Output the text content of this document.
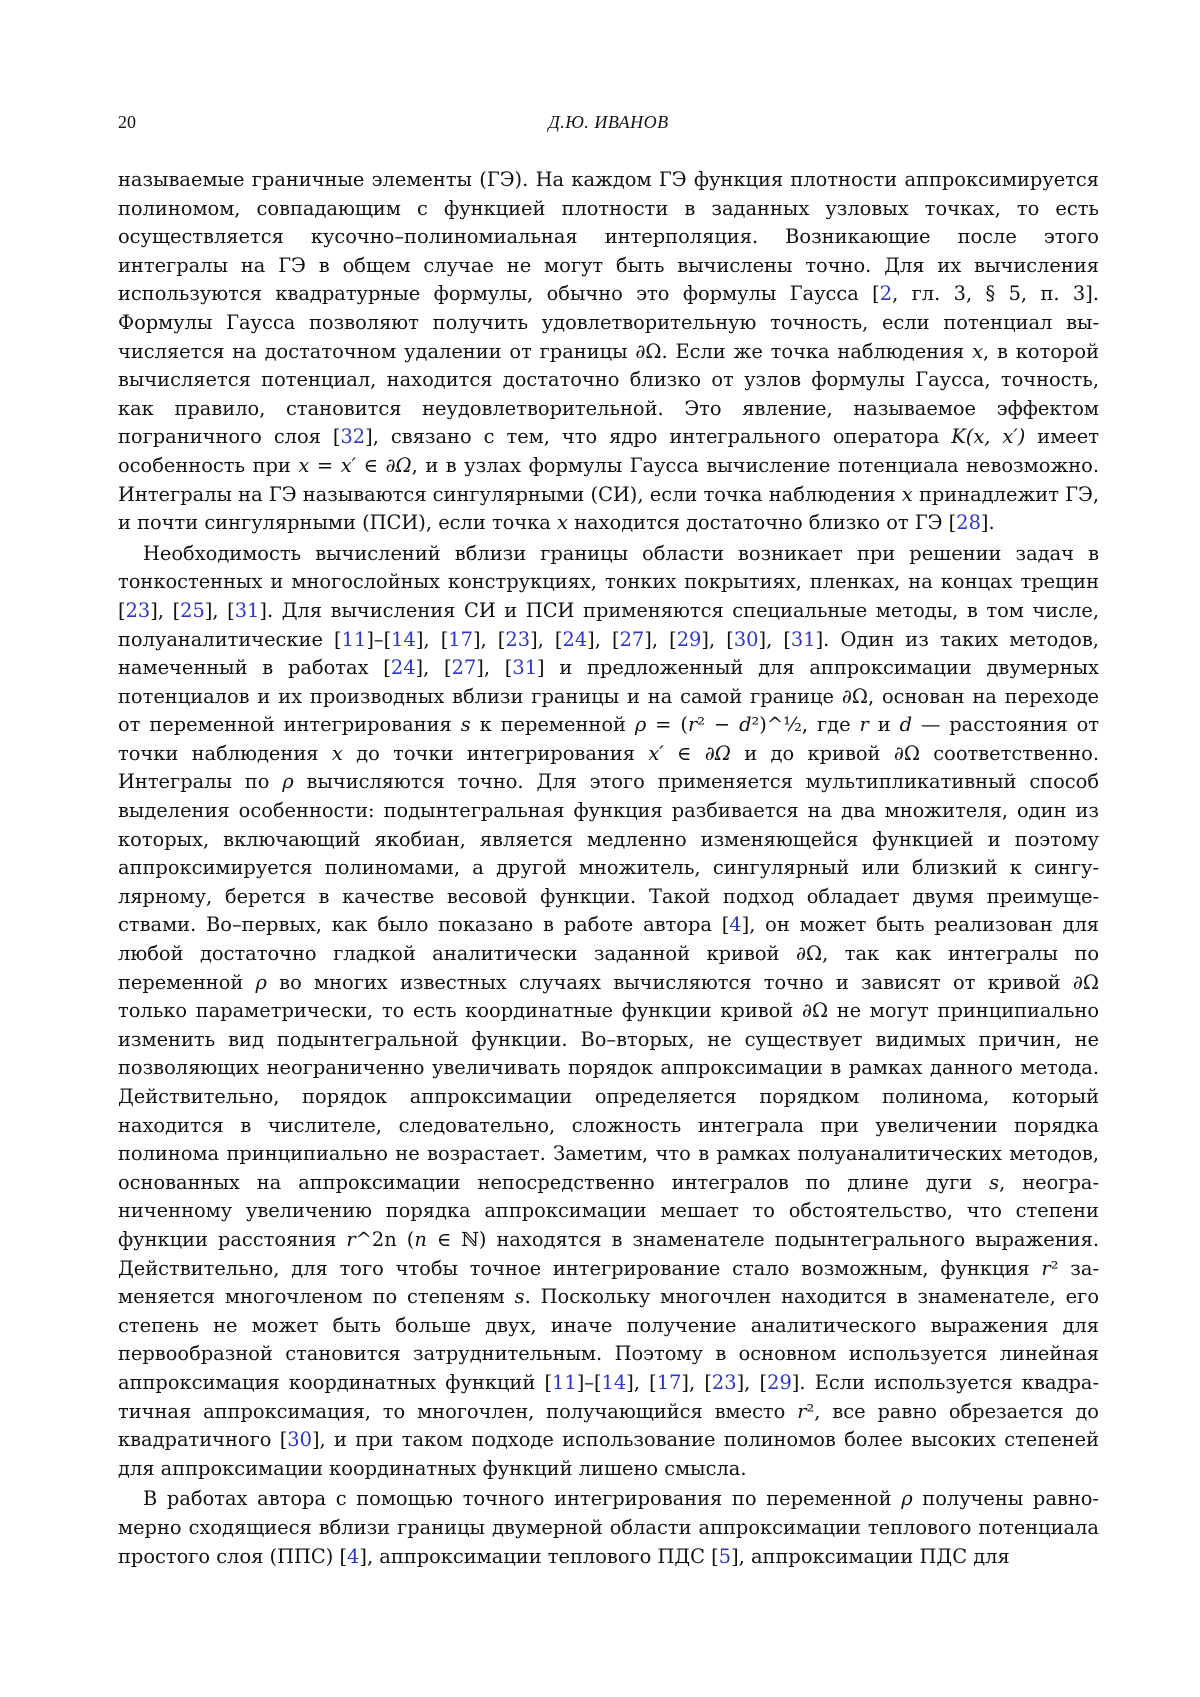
20	Д.Ю. ИВАНОВ

называемые граничные элементы (ГЭ). На каждом ГЭ функция плотности аппроксимируется полиномом, совпадающим с функцией плотности в заданных узловых точках, то есть осуществляется кусочно–полиномиальная интерполяция. Возникающие после этого интегралы на ГЭ в общем случае не могут быть вычислены точно. Для их вычисления используются квадратурные формулы, обычно это формулы Гаусса [2, гл. 3, § 5, п. 3]. Формулы Гаусса позволяют получить удовлетворительную точность, если потенциал вычисляется на достаточном удалении от границы ∂Ω. Если же точка наблюдения x, в которой вычисляется потенциал, находится достаточно близко от узлов формулы Гаусса, точность, как правило, становится неудовлетворительной. Это явление, называемое эффектом пограничного слоя [32], связано с тем, что ядро интегрального оператора K(x, x′) имеет особенность при x = x′ ∈ ∂Ω, и в узлах формулы Гаусса вычисление потенциала невозможно. Интегралы на ГЭ называются сингулярными (СИ), если точка наблюдения x принадлежит ГЭ, и почти сингулярными (ПСИ), если точка x находится достаточно близко от ГЭ [28].

Необходимость вычислений вблизи границы области возникает при решении задач в тонкостенных и многослойных конструкциях, тонких покрытиях, пленках, на концах трещин [23], [25], [31]. Для вычисления СИ и ПСИ применяются специальные методы, в том числе, полуаналитические [11]–[14], [17], [23], [24], [27], [29], [30], [31]. Один из таких методов, намеченный в работах [24], [27], [31] и предложенный для аппроксимации двумерных потенциалов и их производных вблизи границы и на самой границе ∂Ω, основан на переходе от переменной интегрирования s к переменной ρ = (r² − d²)^½, где r и d — расстояния от точки наблюдения x до точки интегрирования x′ ∈ ∂Ω и до кривой ∂Ω соответственно. Интегралы по ρ вычисляются точно. Для этого применяется мультипликативный способ выделения особенности: подынтегральная функция разбивается на два множителя, один из которых, включающий якобиан, является медленно изменяющейся функцией и поэтому аппроксимируется полиномами, а другой множитель, сингулярный или близкий к сингулярному, берется в качестве весовой функции. Такой подход обладает двумя преимуществами. Во–первых, как было показано в работе автора [4], он может быть реализован для любой достаточно гладкой аналитически заданной кривой ∂Ω, так как интегралы по переменной ρ во многих известных случаях вычисляются точно и зависят от кривой ∂Ω только параметрически, то есть координатные функции кривой ∂Ω не могут принципиально изменить вид подынтегральной функции. Во–вторых, не существует видимых причин, не позволяющих неограниченно увеличивать порядок аппроксимации в рамках данного метода. Действительно, порядок аппроксимации определяется порядком полинома, который находится в числителе, следовательно, сложность интеграла при увеличении порядка полинома принципиально не возрастает. Заметим, что в рамках полуаналитических методов, основанных на аппроксимации непосредственно интегралов по длине дуги s, неограниченному увеличению порядка аппроксимации мешает то обстоятельство, что степени функции расстояния r^2n (n ∈ ℕ) находятся в знаменателе подынтегрального выражения. Действительно, для того чтобы точное интегрирование стало возможным, функция r² заменяется многочленом по степеням s. Поскольку многочлен находится в знаменателе, его степень не может быть больше двух, иначе получение аналитического выражения для первообразной становится затруднительным. Поэтому в основном используется линейная аппроксимация координатных функций [11]–[14], [17], [23], [29]. Если используется квадратичная аппроксимация, то многочлен, получающийся вместо r², все равно обрезается до квадратичного [30], и при таком подходе использование полиномов более высоких степеней для аппроксимации координатных функций лишено смысла.

В работах автора с помощью точного интегрирования по переменной ρ получены равномерно сходящиеся вблизи границы двумерной области аппроксимации теплового потенциала простого слоя (ППС) [4], аппроксимации теплового ПДС [5], аппроксимации ПДС для
